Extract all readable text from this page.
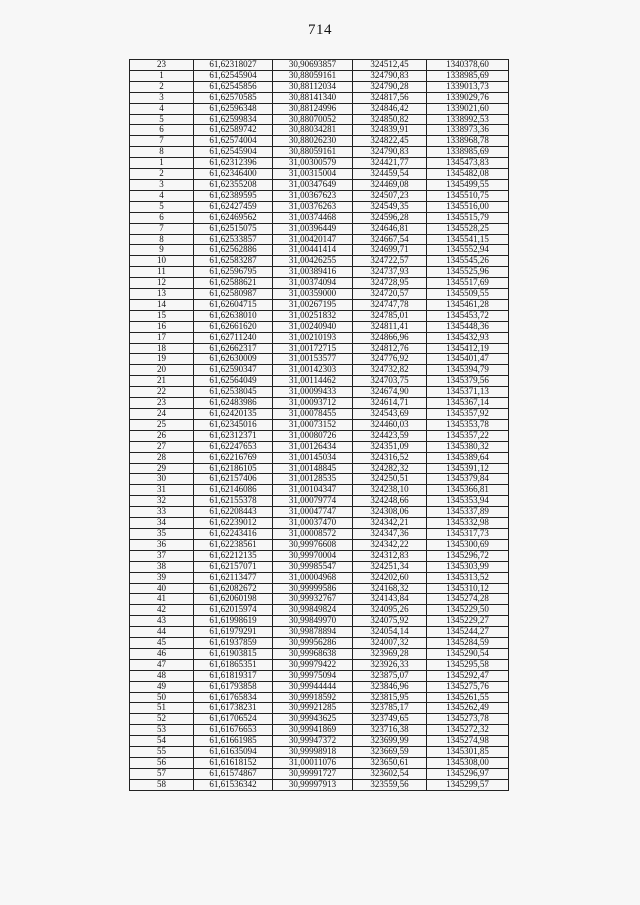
714
23	61,62318027	30,90693857	324512,45	1340378,60
1	61,62545904	30,88059161	324790,83	1338985,69
2	61,62545856	30,88112034	324790,28	1339013,73
3	61,62570585	30,88141340	324817,56	1339029,76
4	61,62596348	30,88124996	324846,42	1339021,60
5	61,62599834	30,88070052	324850,82	1338992,53
6	61,62589742	30,88034281	324839,91	1338973,36
7	61,62574004	30,88026230	324822,45	1338968,78
8	61,62545904	30,88059161	324790,83	1338985,69
1	61,62312396	31,00300579	324421,77	1345473,83
2	61,62346400	31,00315004	324459,54	1345482,08
3	61,62355208	31,00347649	324469,08	1345499,55
4	61,62389595	31,00367623	324507,23	1345510,75
5	61,62427459	31,00376263	324549,35	1345516,00
6	61,62469562	31,00374468	324596,28	1345515,79
7	61,62515075	31,00396449	324646,81	1345528,25
8	61,62533857	31,00420147	324667,54	1345541,15
9	61,62562886	31,00441414	324699,71	1345552,94
10	61,62583287	31,00426255	324722,57	1345545,26
11	61,62596795	31,00389416	324737,93	1345525,96
12	61,62588621	31,00374094	324728,95	1345517,69
13	61,62580987	31,00359000	324720,57	1345509,55
14	61,62604715	31,00267195	324747,78	1345461,28
15	61,62638010	31,00251832	324785,01	1345453,72
16	61,62661620	31,00240940	324811,41	1345448,36
17	61,62711240	31,00210193	324866,96	1345432,93
18	61,62662317	31,00172715	324812,76	1345412,19
19	61,62630009	31,00153577	324776,92	1345401,47
20	61,62590347	31,00142303	324732,82	1345394,79
21	61,62564049	31,00114462	324703,75	1345379,56
22	61,62538045	31,00099433	324674,90	1345371,13
23	61,62483986	31,00093712	324614,71	1345367,14
24	61,62420135	31,00078455	324543,69	1345357,92
25	61,62345016	31,00073152	324460,03	1345353,78
26	61,62312371	31,00080726	324423,59	1345357,22
27	61,62247653	31,00126434	324351,09	1345380,32
28	61,62216769	31,00145034	324316,52	1345389,64
29	61,62186105	31,00148845	324282,32	1345391,12
30	61,62157406	31,00128535	324250,51	1345379,84
31	61,62146086	31,00104347	324238,10	1345366,81
32	61,62155378	31,00079774	324248,66	1345353,94
33	61,62208443	31,00047747	324308,06	1345337,89
34	61,62239012	31,00037470	324342,21	1345332,98
35	61,62243416	31,00008572	324347,36	1345317,73
36	61,62238561	30,99976608	324342,22	1345300,69
37	61,62212135	30,99970004	324312,83	1345296,72
38	61,62157071	30,99985547	324251,34	1345303,99
39	61,62113477	31,00004968	324202,60	1345313,52
40	61,62082672	30,99999586	324168,32	1345310,12
41	61,62060198	30,99932767	324143,84	1345274,28
42	61,62015974	30,99849824	324095,26	1345229,50
43	61,61998619	30,99849970	324075,92	1345229,27
44	61,61979291	30,99878894	324054,14	1345244,27
45	61,61937859	30,99956286	324007,32	1345284,59
46	61,61903815	30,99968638	323969,28	1345290,54
47	61,61865351	30,99979422	323926,33	1345295,58
48	61,61819317	30,99975094	323875,07	1345292,47
49	61,61793858	30,99944444	323846,96	1345275,76
50	61,61765834	30,99918592	323815,95	1345261,55
51	61,61738231	30,99921285	323785,17	1345262,49
52	61,61706524	30,99943625	323749,65	1345273,78
53	61,61676653	30,99941869	323716,38	1345272,32
54	61,61661985	30,99947372	323699,99	1345274,98
55	61,61635094	30,99998918	323669,59	1345301,85
56	61,61618152	31,00011076	323650,61	1345308,00
57	61,61574867	30,99991727	323602,54	1345296,97
58	61,61536342	30,99997913	323559,56	1345299,57
